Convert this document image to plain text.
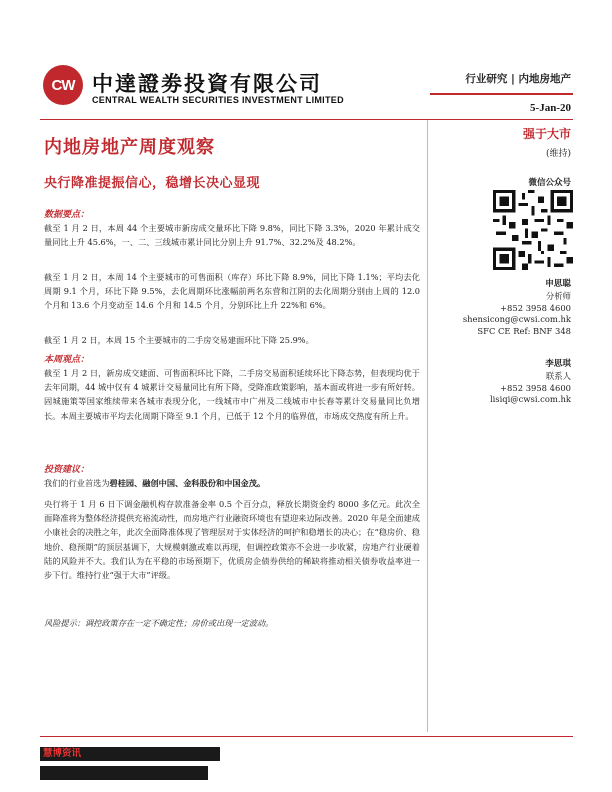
CW 中達證劵投資有限公司
CENTRAL WEALTH SECURITIES INVESTMENT LIMITED
行业研究 | 内地房地产
5-Jan-20
内地房地产周度观察
央行降准提振信心，稳增长决心显现
数据要点：
截至 1 月 2 日，本周 44 个主要城市新房成交量环比下降 9.8%，同比下降 3.3%，2020 年累计成交量同比上升 45.6%，一、二、三线城市累计同比分别上升 91.7%、32.2%及 48.2%。
截至 1 月 2 日，本周 14 个主要城市的可售面积（库存）环比下降 8.9%，同比下降 1.1%；平均去化周期 9.1 个月，环比下降 9.5%，去化周期环比涨幅前两名东营和江阴的去化周期分别由上周的 12.0 个月和 13.6 个月变动至 14.6 个月和 14.5 个月，分别环比上升 22%和 6%。
截至 1 月 2 日，本周 15 个主要城市的二手房交易建面环比下降 25.9%。
本周观点：
截至 1 月 2 日，新房成交建面、可售面积环比下降，二手房交易面积延续环比下降态势，但表现均优于去年同期，44 城中仅有 4 城累计交易量同比有所下降，受降准政策影响，基本面或将进一步有所好转。固城施策等国家维续带来各城市表现分化，一线城市中广州及二线城市中长春等累计交易量同比负增长。本周主要城市平均去化周期下降至 9.1 个月，已低于 12 个月的临界值，市场成交热度有所上升。
投资建议：
我们的行业首选为碧桂园、融创中国、金科股份和中国金茂。
央行将于 1 月 6 日下调金融机构存款准备金率 0.5 个百分点，释放长期资金约 8000 多亿元。此次全面降准将为整体经济提供充裕流动性，而房地产行业融资环境也有望迎来边际改善。2020 年是全面建成小康社会的决胜之年，此次全面降准体现了管理层对于实体经济的呵护和稳增长的决心；在“稳房价、稳地价、稳预期”的顶层基调下，大规模刺激或难以再现，但调控政策亦不会进一步收紧，房地产行业硬着陆的风险并不大。我们认为在平稳的市场预期下，优质房企债券供给的稀缺将推动相关债券收益率进一步下行。维持行业“强于大市”评级。
风险提示：调控政策存在一定不确定性；房价或出现一定波动。
强于大市
(维持)
微信公众号
申思聪
分析师
+852 3958 4600
shensicong@cwsi.com.hk
SFC CE Ref: BNF 348
李思琪
联系人
+852 3958 4600
lisiqi@cwsi.com.hk
慧博资讯
